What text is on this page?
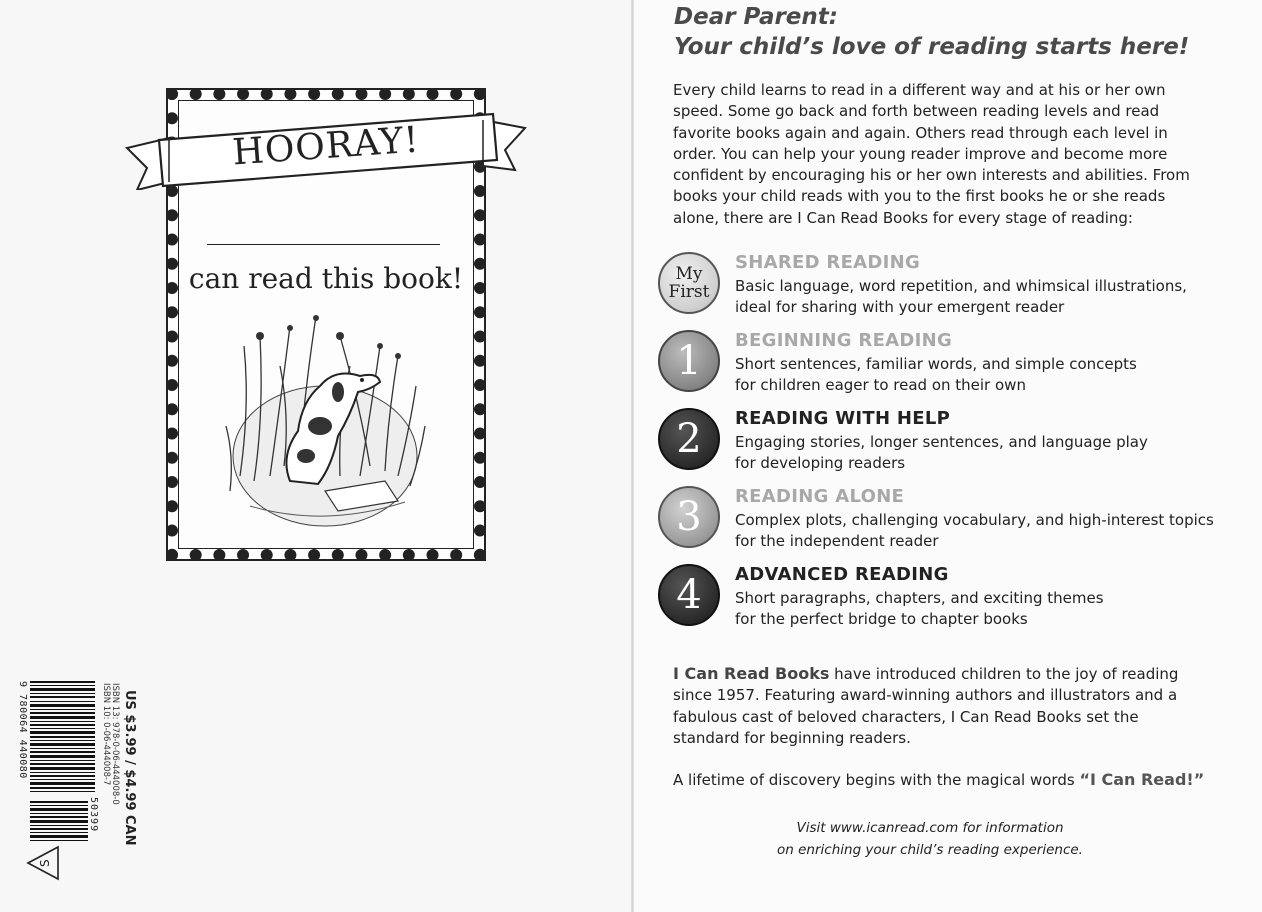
HOORAY!
can read this book!
9 780064 440080
50399 US $3.99 / $4.99 CAN
ISBN 13: 978-0-06-444008-0
ISBN 10: 0-06-444008-7
S
Dear Parent:
Your child’s love of reading starts here!
Every child learns to read in a different way and at his or her own speed. Some go back and forth between reading levels and read favorite books again and again. Others read through each level in order. You can help your young reader improve and become more confident by encouraging his or her own interests and abilities. From books your child reads with you to the first books he or she reads alone, there are I Can Read Books for every stage of reading:
My
First
SHARED READING
Basic language, word repetition, and whimsical illustrations,
ideal for sharing with your emergent reader
1	BEGINNING READING
Short sentences, familiar words, and simple concepts
for children eager to read on their own
2	READING WITH HELP
Engaging stories, longer sentences, and language play
for developing readers
3	READING ALONE
Complex plots, challenging vocabulary, and high-interest topics
for the independent reader
4	ADVANCED READING
Short paragraphs, chapters, and exciting themes
for the perfect bridge to chapter books
I Can Read Books have introduced children to the joy of reading since 1957. Featuring award-winning authors and illustrators and a fabulous cast of beloved characters, I Can Read Books set the standard for beginning readers.
A lifetime of discovery begins with the magical words “I Can Read!”
Visit www.icanread.com for information
on enriching your child’s reading experience.
